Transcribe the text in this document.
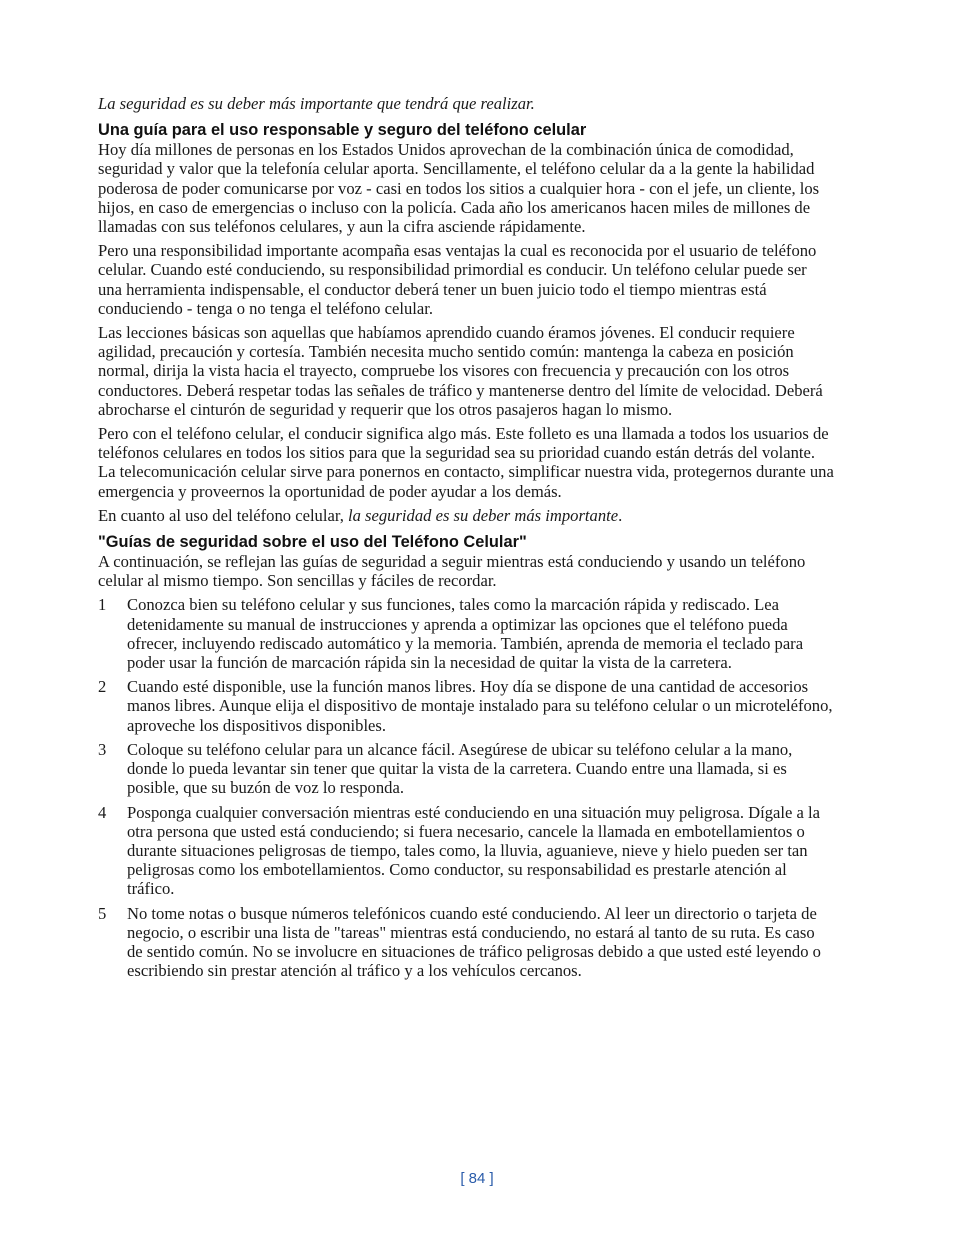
La seguridad es su deber más importante que tendrá que realizar.

Una guía para el uso responsable y seguro del teléfono celular

Hoy día millones de personas en los Estados Unidos aprovechan de la combinación única de comodidad, seguridad y valor que la telefonía celular aporta. Sencillamente, el teléfono celular da a la gente la habilidad poderosa de poder comunicarse por voz - casi en todos los sitios a cualquier hora - con el jefe, un cliente, los hijos, en caso de emergencias o incluso con la policía. Cada año los americanos hacen miles de millones de llamadas con sus teléfonos celulares, y aun la cifra asciende rápidamente.

Pero una responsibilidad importante acompaña esas ventajas la cual es reconocida por el usuario de teléfono celular. Cuando esté conduciendo, su responsibilidad primordial es conducir. Un teléfono celular puede ser una herramienta indispensable, el conductor deberá tener un buen juicio todo el tiempo mientras está conduciendo - tenga o no tenga el teléfono celular.

Las lecciones básicas son aquellas que habíamos aprendido cuando éramos jóvenes. El conducir requiere agilidad, precaución y cortesía. También necesita mucho sentido común: mantenga la cabeza en posición normal, dirija la vista hacia el trayecto, compruebe los visores con frecuencia y precaución con los otros conductores. Deberá respetar todas las señales de tráfico y mantenerse dentro del límite de velocidad. Deberá abrocharse el cinturón de seguridad y requerir que los otros pasajeros hagan lo mismo.

Pero con el teléfono celular, el conducir significa algo más. Este folleto es una llamada a todos los usuarios de teléfonos celulares en todos los sitios para que la seguridad sea su prioridad cuando están detrás del volante. La telecomunicación celular sirve para ponernos en contacto, simplificar nuestra vida, protegernos durante una emergencia y proveernos la oportunidad de poder ayudar a los demás.

En cuanto al uso del teléfono celular, la seguridad es su deber más importante.

"Guías de seguridad sobre el uso del Teléfono Celular"

A continuación, se reflejan las guías de seguridad a seguir mientras está conduciendo y usando un teléfono celular al mismo tiempo. Son sencillas y fáciles de recordar.

1 Conozca bien su teléfono celular y sus funciones, tales como la marcación rápida y rediscado. Lea detenidamente su manual de instrucciones y aprenda a optimizar las opciones que el teléfono pueda ofrecer, incluyendo rediscado automático y la memoria. También, aprenda de memoria el teclado para poder usar la función de marcación rápida sin la necesidad de quitar la vista de la carretera.
2 Cuando esté disponible, use la función manos libres. Hoy día se dispone de una cantidad de accesorios manos libres. Aunque elija el dispositivo de montaje instalado para su teléfono celular o un microteléfono, aproveche los dispositivos disponibles.
3 Coloque su teléfono celular para un alcance fácil. Asegúrese de ubicar su teléfono celular a la mano, donde lo pueda levantar sin tener que quitar la vista de la carretera. Cuando entre una llamada, si es posible, que su buzón de voz lo responda.
4 Posponga cualquier conversación mientras esté conduciendo en una situación muy peligrosa. Dígale a la otra persona que usted está conduciendo; si fuera necesario, cancele la llamada en embotellamientos o durante situaciones peligrosas de tiempo, tales como, la lluvia, aguanieve, nieve y hielo pueden ser tan peligrosas como los embotellamientos. Como conductor, su responsabilidad es prestarle atención al tráfico.
5 No tome notas o busque números telefónicos cuando esté conduciendo. Al leer un directorio o tarjeta de negocio, o escribir una lista de "tareas" mientras está conduciendo, no estará al tanto de su ruta. Es caso de sentido común. No se involucre en situaciones de tráfico peligrosas debido a que usted esté leyendo o escribiendo sin prestar atención al tráfico y a los vehículos cercanos.
[ 84 ]
